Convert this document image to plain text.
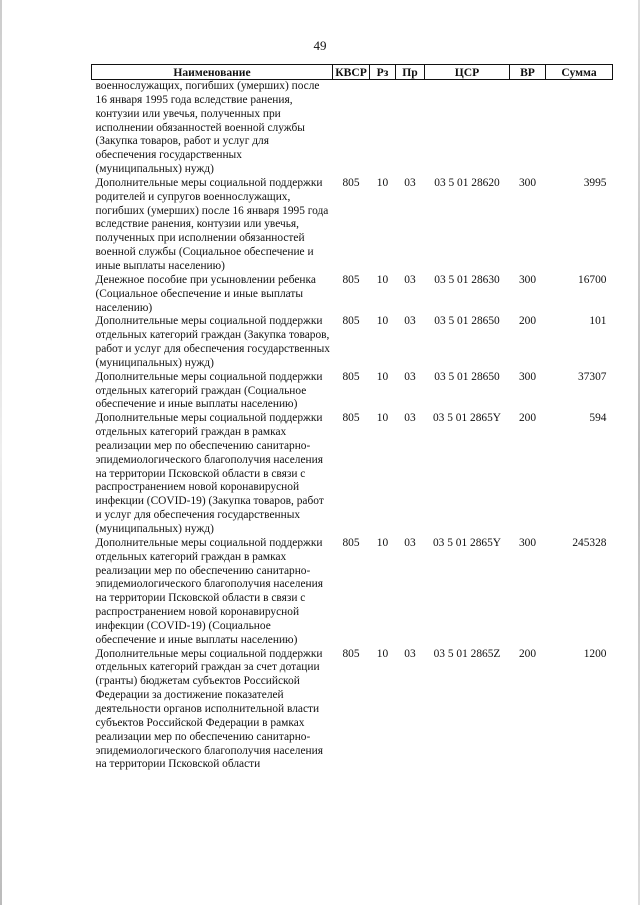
49
Наименование	КВСР	Рз	Пр	ЦСР	ВР	Сумма
военнослужащих, погибших (умерших) после 16 января 1995 года вследствие ранения, контузии или увечья, полученных при исполнении обязанностей военной службы (Закупка товаров, работ и услуг для обеспечения государственных (муниципальных) нужд)						
Дополнительные меры социальной поддержки родителей и супругов военнослужащих, погибших (умерших) после 16 января 1995 года вследствие ранения, контузии или увечья, полученных при исполнении обязанностей военной службы (Социальное обеспечение и иные выплаты населению)	805	10	03	03 5 01 28620	300	3995
Денежное пособие при усыновлении ребенка (Социальное обеспечение и иные выплаты населению)	805	10	03	03 5 01 28630	300	16700
Дополнительные меры социальной поддержки отдельных категорий граждан (Закупка товаров, работ и услуг для обеспечения государственных (муниципальных) нужд)	805	10	03	03 5 01 28650	200	101
Дополнительные меры социальной поддержки отдельных категорий граждан (Социальное обеспечение и иные выплаты населению)	805	10	03	03 5 01 28650	300	37307
Дополнительные меры социальной поддержки отдельных категорий граждан в рамках реализации мер по обеспечению санитарно-эпидемиологического благополучия населения на территории Псковской области в связи с распространением новой коронавирусной инфекции (COVID-19) (Закупка товаров, работ и услуг для обеспечения государственных (муниципальных) нужд)	805	10	03	03 5 01 2865Y	200	594
Дополнительные меры социальной поддержки отдельных категорий граждан в рамках реализации мер по обеспечению санитарно-эпидемиологического благополучия населения на территории Псковской области в связи с распространением новой коронавирусной инфекции (COVID-19) (Социальное обеспечение и иные выплаты населению)	805	10	03	03 5 01 2865Y	300	245328
Дополнительные меры социальной поддержки отдельных категорий граждан за счет дотации (гранты) бюджетам субъектов Российской Федерации за достижение показателей деятельности органов исполнительной власти субъектов Российской Федерации в рамках реализации мер по обеспечению санитарно-эпидемиологического благополучия населения на территории Псковской области	805	10	03	03 5 01 2865Z	200	1200
